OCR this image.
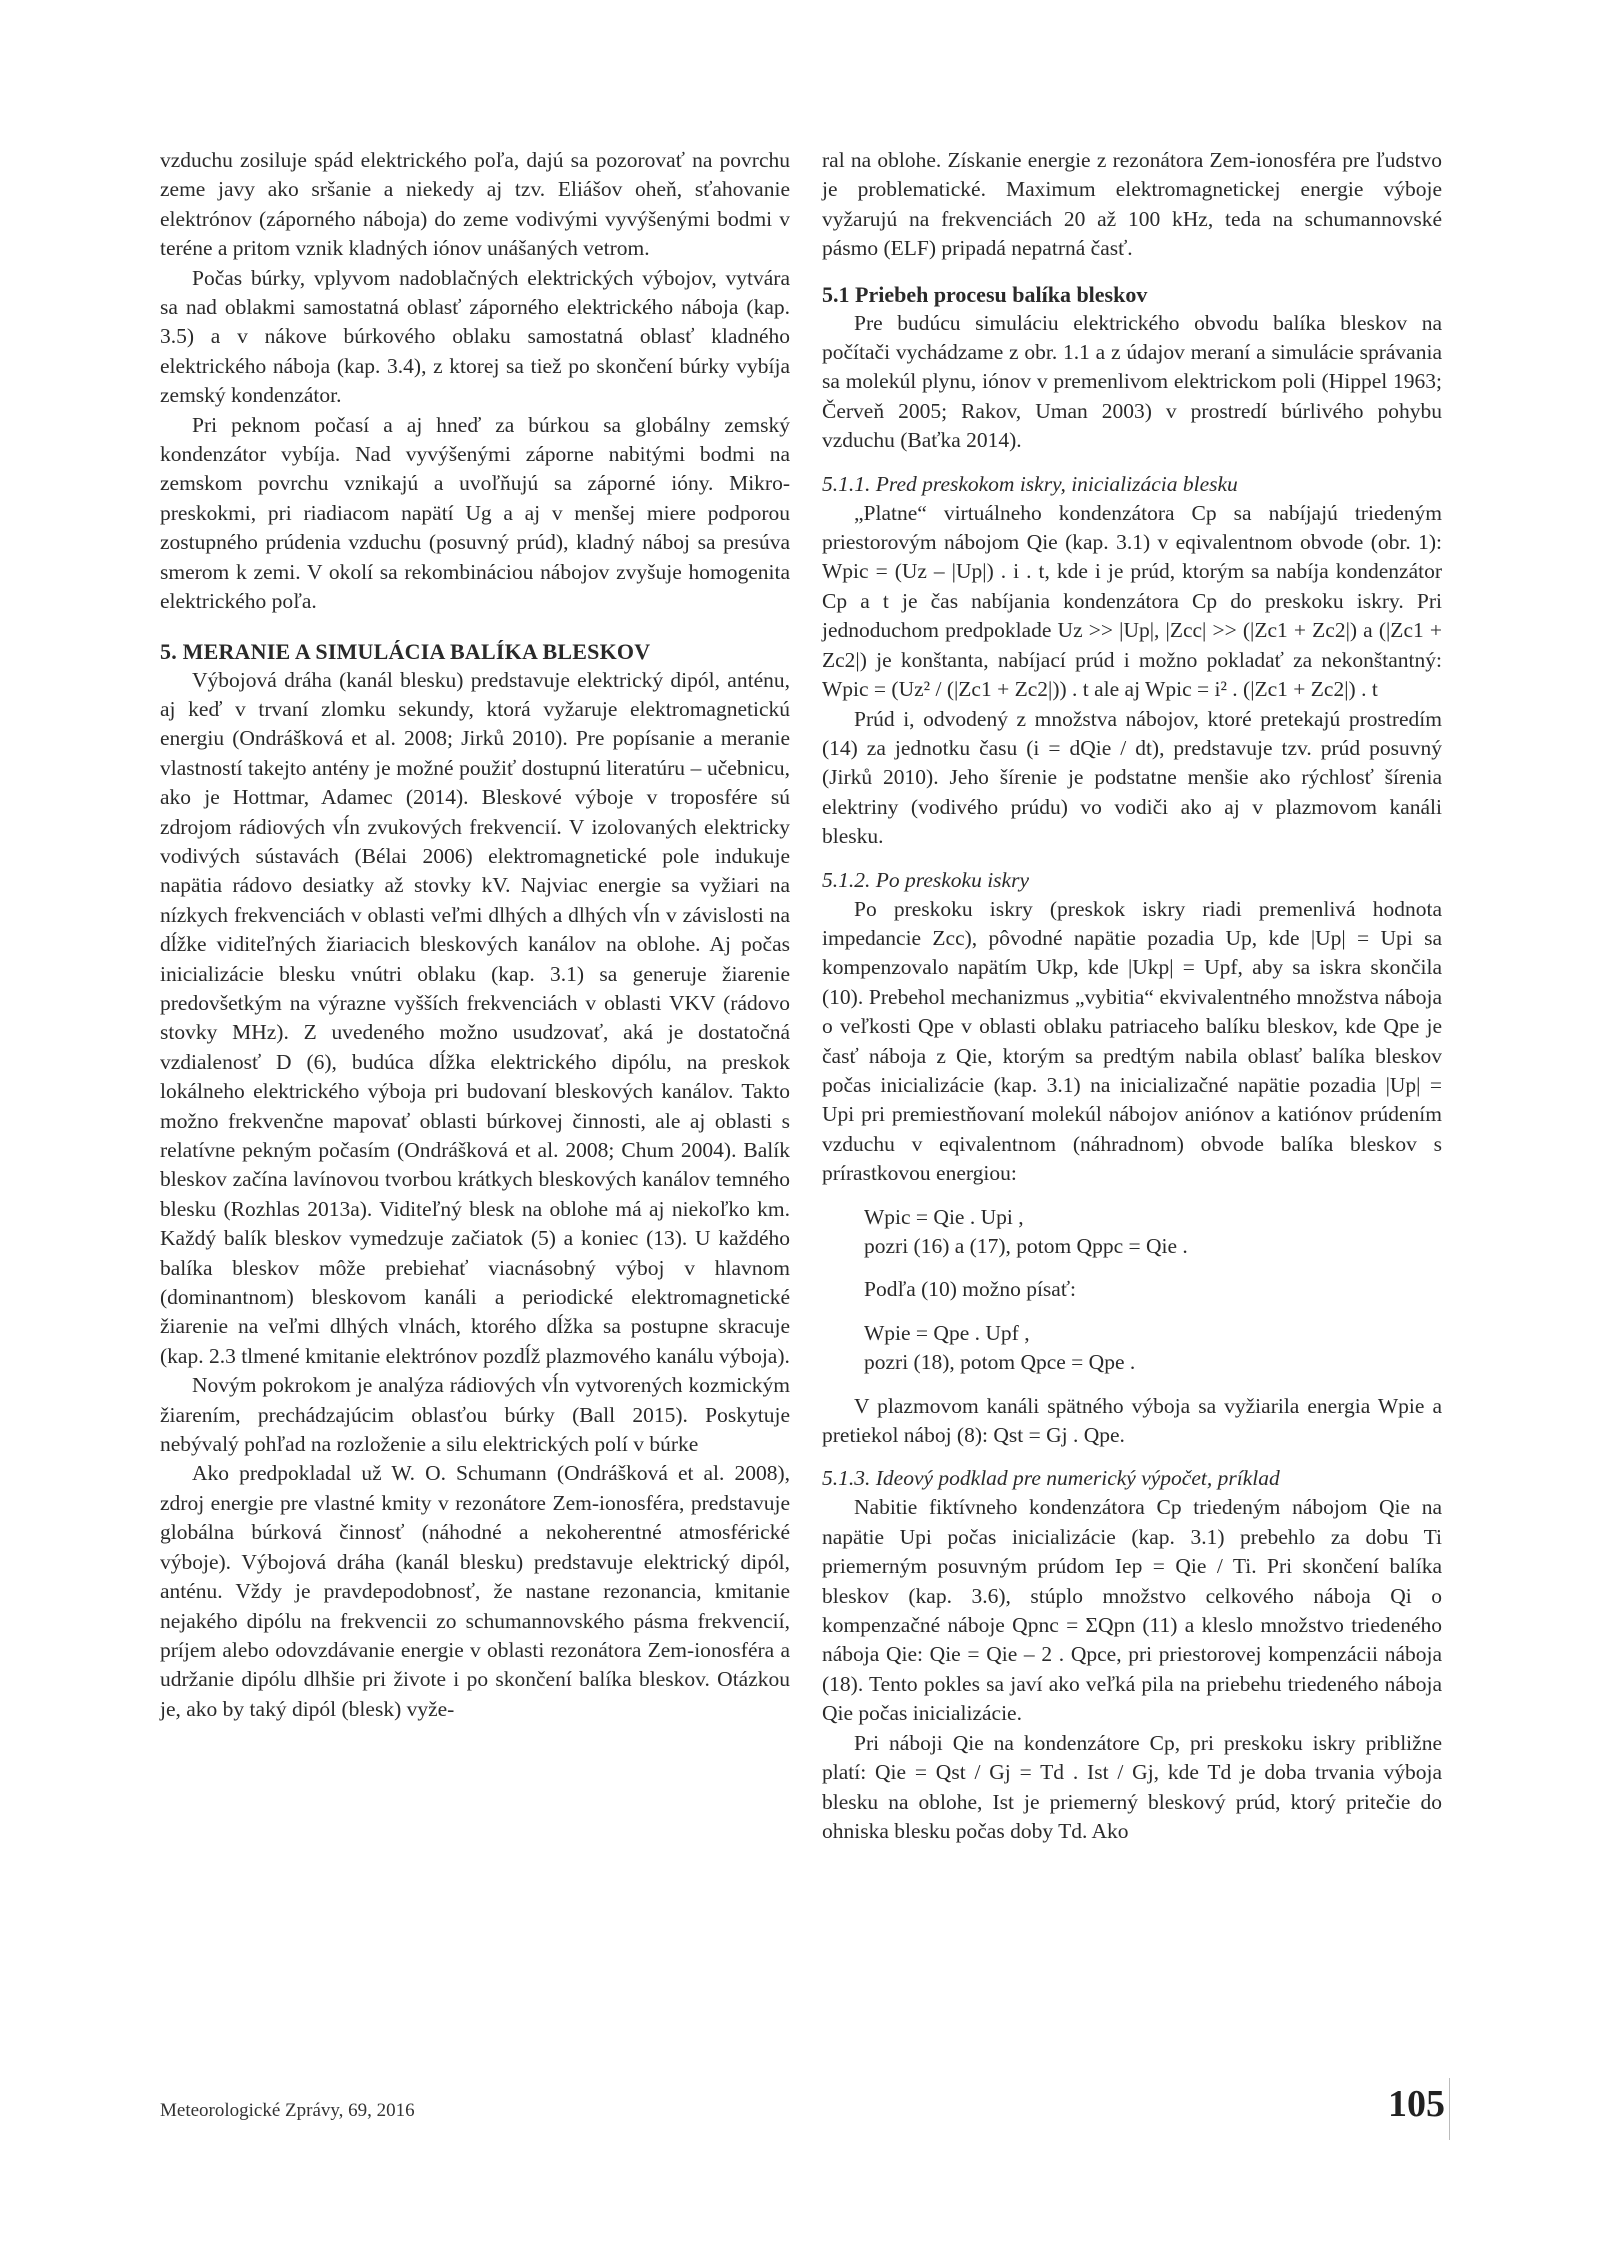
vzduchu zosiluje spád elektrického poľa, dajú sa pozorovať na povrchu zeme javy ako sršanie a niekedy aj tzv. Eliášov oheň, sťahovanie elektrónov (záporného náboja) do zeme vodivými vyvýšenými bodmi v teréne a pritom vznik kladných iónov unášaných vetrom.

Počas búrky, vplyvom nadoblačných elektrických výbojov, vytvára sa nad oblakmi samostatná oblasť záporného elektrického náboja (kap. 3.5) a v nákove búrkového oblaku samostatná oblasť kladného elektrického náboja (kap. 3.4), z ktorej sa tiež po skončení búrky vybíja zemský kondenzátor.

Pri peknom počasí a aj hneď za búrkou sa globálny zemský kondenzátor vybíja. Nad vyvýšenými záporne nabitými bodmi na zemskom povrchu vznikajú a uvoľňujú sa záporné ióny. Mikro-preskokmi, pri riadiacom napätí Ug a aj v menšej miere podporou zostupného prúdenia vzduchu (posuvný prúd), kladný náboj sa presúva smerom k zemi. V okolí sa rekombináciou nábojov zvyšuje homogenita elektrického poľa.

5. MERANIE A SIMULÁCIA BALÍKA BLESKOV

Výbojová dráha (kanál blesku) predstavuje elektrický dipól, anténu, aj keď v trvaní zlomku sekundy, ktorá vyžaruje elektromagnetickú energiu (Ondrášková et al. 2008; Jirků 2010). Pre popísanie a meranie vlastností takejto antény je možné použiť dostupnú literatúru – učebnicu, ako je Hottmar, Adamec (2014). Bleskové výboje v troposfére sú zdrojom rádiových vĺn zvukových frekvencií. V izolovaných elektricky vodivých sústavách (Bélai 2006) elektromagnetické pole indukuje napätia rádovo desiatky až stovky kV. Najviac energie sa vyžiari na nízkych frekvenciách v oblasti veľmi dlhých a dlhých vĺn v závislosti na dĺžke viditeľných žiariacich bleskových kanálov na oblohe. Aj počas inicializácie blesku vnútri oblaku (kap. 3.1) sa generuje žiarenie predovšetkým na výrazne vyšších frekvenciách v oblasti VKV (rádovo stovky MHz). Z uvedeného možno usudzovať, aká je dostatočná vzdialenosť D (6), budúca dĺžka elektrického dipólu, na preskok lokálneho elektrického výboja pri budovaní bleskových kanálov. Takto možno frekvenčne mapovať oblasti búrkovej činnosti, ale aj oblasti s relatívne pekným počasím (Ondrášková et al. 2008; Chum 2004). Balík bleskov začína lavínovou tvorbou krátkych bleskových kanálov temného blesku (Rozhlas 2013a). Viditeľný blesk na oblohe má aj niekoľko km. Každý balík bleskov vymedzuje začiatok (5) a koniec (13). U každého balíka bleskov môže prebiehať viacnásobný výboj v hlavnom (dominantnom) bleskovom kanáli a periodické elektromagnetické žiarenie na veľmi dlhých vlnách, ktorého dĺžka sa postupne skracuje (kap. 2.3 tlmené kmitanie elektrónov pozdĺž plazmového kanálu výboja).

Novým pokrokom je analýza rádiových vĺn vytvorených kozmickým žiarením, prechádzajúcim oblasťou búrky (Ball 2015). Poskytuje nebývalý pohľad na rozloženie a silu elektrických polí v búrke

Ako predpokladal už W. O. Schumann (Ondrášková et al. 2008), zdroj energie pre vlastné kmity v rezonátore Zem-ionosféra, predstavuje globálna búrková činnosť (náhodné a nekoherentné atmosférické výboje). Výbojová dráha (kanál blesku) predstavuje elektrický dipól, anténu. Vždy je pravdepodobnosť, že nastane rezonancia, kmitanie nejakého dipólu na frekvencii zo schumannovského pásma frekvencií, príjem alebo odovzdávanie energie v oblasti rezonátora Zem-ionosféra a udržanie dipólu dlhšie pri živote i po skončení balíka bleskov. Otázkou je, ako by taký dipól (blesk) vyže-

ral na oblohe. Získanie energie z rezonátora Zem-ionosféra pre ľudstvo je problematické. Maximum elektromagnetickej energie výboje vyžarujú na frekvenciách 20 až 100 kHz, teda na schumannovské pásmo (ELF) pripadá nepatrná časť.

5.1 Priebeh procesu balíka bleskov

Pre budúcu simuláciu elektrického obvodu balíka bleskov na počítači vychádzame z obr. 1.1 a z údajov meraní a simulácie správania sa molekúl plynu, iónov v premenlivom elektrickom poli (Hippel 1963; Červeň 2005; Rakov, Uman 2003) v prostredí búrlivého pohybu vzduchu (Baťka 2014).

5.1.1. Pred preskokom iskry, inicializácia blesku

„Platne“ virtuálneho kondenzátora Cp sa nabíjajú triedeným priestorovým nábojom Qie (kap. 3.1) v eqivalentnom obvode (obr. 1): Wpic = (Uz – |Up|) . i . t, kde i je prúd, ktorým sa nabíja kondenzátor Cp a t je čas nabíjania kondenzátora Cp do preskoku iskry. Pri jednoduchom predpoklade Uz >> |Up|, |Zcc| >> (|Zc1 + Zc2|) a (|Zc1 + Zc2|) je konštanta, nabíjací prúd i možno pokladať za nekonštantný: Wpic = (Uz² / (|Zc1 + Zc2|)) . t ale aj Wpic = i² . (|Zc1 + Zc2|) . t

Prúd i, odvodený z množstva nábojov, ktoré pretekajú prostredím (14) za jednotku času (i = dQie / dt), predstavuje tzv. prúd posuvný (Jirků 2010). Jeho šírenie je podstatne menšie ako rýchlosť šírenia elektriny (vodivého prúdu) vo vodiči ako aj v plazmovom kanáli blesku.

5.1.2. Po preskoku iskry

Po preskoku iskry (preskok iskry riadi premenlivá hodnota impedancie Zcc), pôvodné napätie pozadia Up, kde |Up| = Upi sa kompenzovalo napätím Ukp, kde |Ukp| = Upf, aby sa iskra skončila (10). Prebehol mechanizmus „vybitia“ ekvivalentného množstva náboja o veľkosti Qpe v oblasti oblaku patriaceho balíku bleskov, kde Qpe je časť náboja z Qie, ktorým sa predtým nabila oblasť balíka bleskov počas inicializácie (kap. 3.1) na inicializačné napätie pozadia |Up| = Upi pri premiestňovaní molekúl nábojov aniónov a katiónov prúdením vzduchu v eqivalentnom (náhradnom) obvode balíka bleskov s prírastkovou energiou:

Wpic = Qie . Upi ,

pozri (16) a (17), potom Qppc = Qie .

Podľa (10) možno písať:

Wpie = Qpe . Upf ,

pozri (18), potom Qpce = Qpe .

V plazmovom kanáli spätného výboja sa vyžiarila energia Wpie a pretiekol náboj (8): Qst = Gj . Qpe.

5.1.3. Ideový podklad pre numerický výpočet, príklad

Nabitie fiktívneho kondenzátora Cp triedeným nábojom Qie na napätie Upi počas inicializácie (kap. 3.1) prebehlo za dobu Ti priemerným posuvným prúdom Iep = Qie / Ti. Pri skončení balíka bleskov (kap. 3.6), stúplo množstvo celkového náboja Qi o kompenzačné náboje Qpnc = ΣQpn (11) a kleslo množstvo triedeného náboja Qie: Qie = Qie – 2 . Qpce, pri priestorovej kompenzácii náboja (18). Tento pokles sa javí ako veľká pila na priebehu triedeného náboja Qie počas inicializácie.

Pri náboji Qie na kondenzátore Cp, pri preskoku iskry približne platí: Qie = Qst / Gj = Td . Ist / Gj, kde Td je doba trvania výboja blesku na oblohe, Ist je priemerný bleskový prúd, ktorý pritečie do ohniska blesku počas doby Td. Ako

Meteorologické Zprávy, 69, 2016	105
